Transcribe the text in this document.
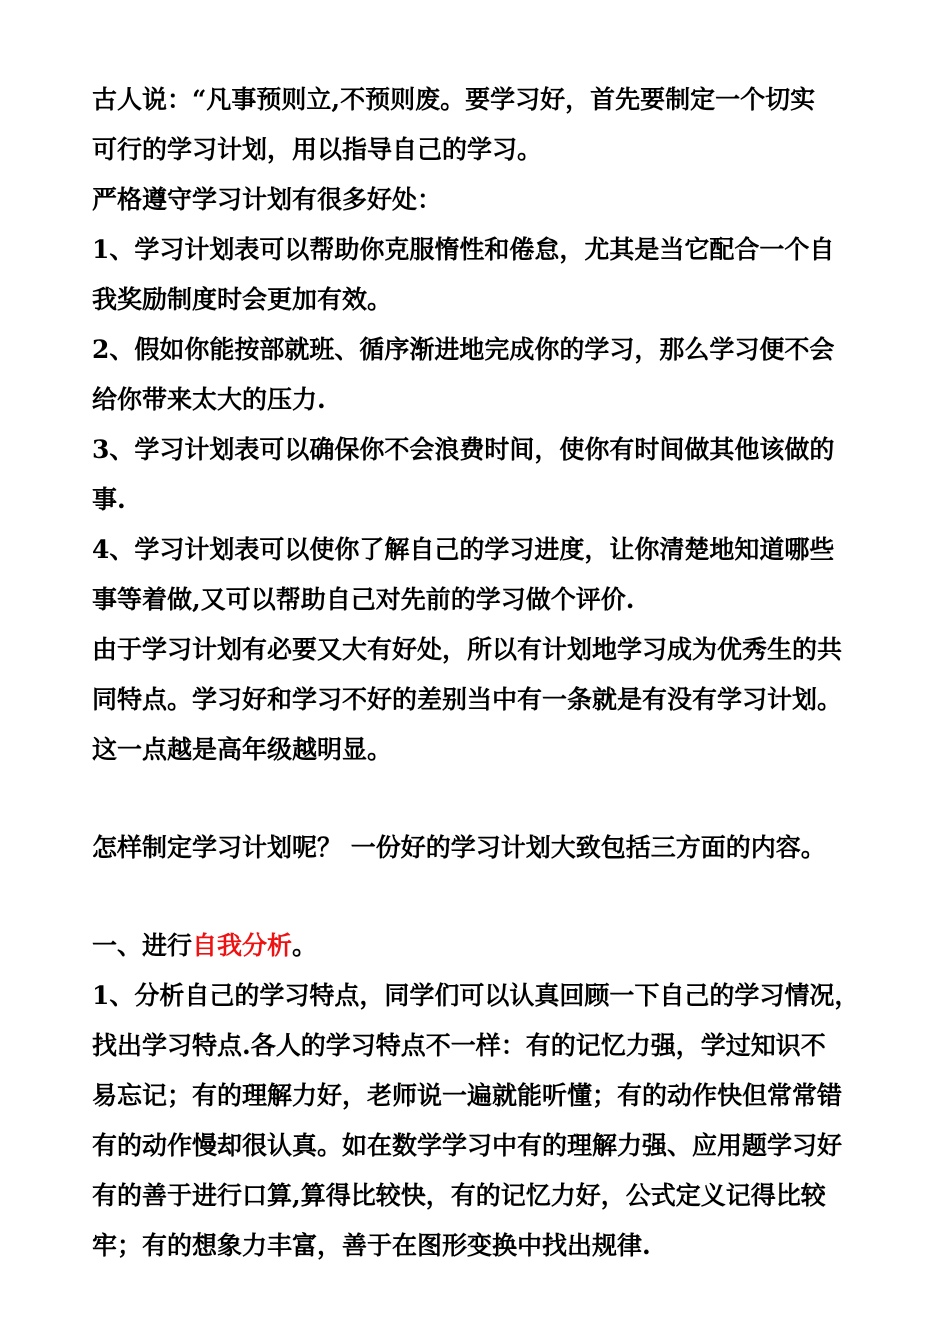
古人说：“凡事预则立,不预则废。要学习好，首先要制定一个切实
可行的学习计划，用以指导自己的学习。
严格遵守学习计划有很多好处：
1、学习计划表可以帮助你克服惰性和倦怠，尤其是当它配合一个自
我奖励制度时会更加有效。
2、假如你能按部就班、循序渐进地完成你的学习，那么学习便不会
给你带来太大的压力.
3、学习计划表可以确保你不会浪费时间，使你有时间做其他该做的
事.
4、学习计划表可以使你了解自己的学习进度，让你清楚地知道哪些
事等着做,又可以帮助自己对先前的学习做个评价.
由于学习计划有必要又大有好处，所以有计划地学习成为优秀生的共
同特点。学习好和学习不好的差别当中有一条就是有没有学习计划。
这一点越是高年级越明显。
怎样制定学习计划呢？ 一份好的学习计划大致包括三方面的内容。
一、进行自我分析。
1、分析自己的学习特点，同学们可以认真回顾一下自己的学习情况，
找出学习特点.各人的学习特点不一样：有的记忆力强，学过知识不
易忘记；有的理解力好，老师说一遍就能听懂；有的动作快但常常错
有的动作慢却很认真。如在数学学习中有的理解力强、应用题学习好
有的善于进行口算,算得比较快，有的记忆力好，公式定义记得比较
牢；有的想象力丰富，善于在图形变换中找出规律.
